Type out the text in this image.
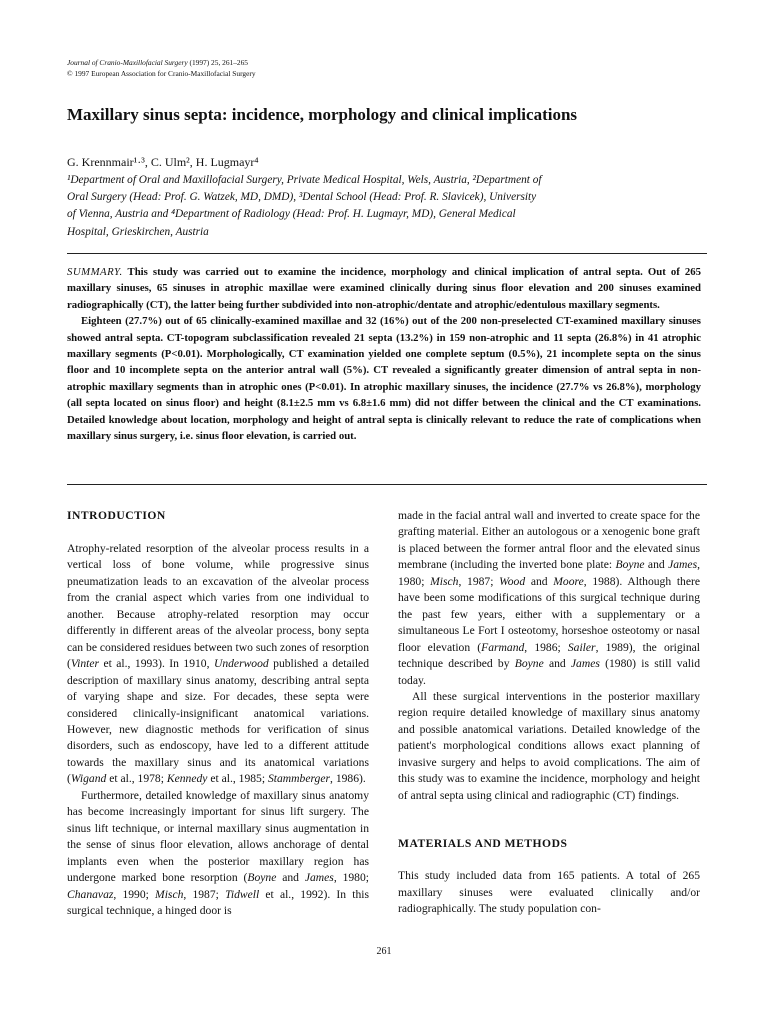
Journal of Cranio-Maxillofacial Surgery (1997) 25, 261–265
© 1997 European Association for Cranio-Maxillofacial Surgery
Maxillary sinus septa: incidence, morphology and clinical implications
G. Krennmair¹·³, C. Ulm², H. Lugmayr⁴
¹Department of Oral and Maxillofacial Surgery, Private Medical Hospital, Wels, Austria, ²Department of
Oral Surgery (Head: Prof. G. Watzek, MD, DMD), ³Dental School (Head: Prof. R. Slavicek), University
of Vienna, Austria and ⁴Department of Radiology (Head: Prof. H. Lugmayr, MD), General Medical
Hospital, Grieskirchen, Austria

SUMMARY. This study was carried out to examine the incidence, morphology and clinical implication of antral septa. Out of 265 maxillary sinuses, 65 sinuses in atrophic maxillae were examined clinically during sinus floor elevation and 200 sinuses examined radiographically (CT), the latter being further subdivided into non-atrophic/dentate and atrophic/edentulous maxillary segments.

Eighteen (27.7%) out of 65 clinically-examined maxillae and 32 (16%) out of the 200 non-preselected CT-examined maxillary sinuses showed antral septa. CT-topogram subclassification revealed 21 septa (13.2%) in 159 non-atrophic and 11 septa (26.8%) in 41 atrophic maxillary segments (P<0.01). Morphologically, CT examination yielded one complete septum (0.5%), 21 incomplete septa on the sinus floor and 10 incomplete septa on the anterior antral wall (5%). CT revealed a significantly greater dimension of antral septa in non-atrophic maxillary segments than in atrophic ones (P<0.01). In atrophic maxillary sinuses, the incidence (27.7% vs 26.8%), morphology (all septa located on sinus floor) and height (8.1±2.5 mm vs 6.8±1.6 mm) did not differ between the clinical and the CT examinations. Detailed knowledge about location, morphology and height of antral septa is clinically relevant to reduce the rate of complications when maxillary sinus surgery, i.e. sinus floor elevation, is carried out.

INTRODUCTION

Atrophy-related resorption of the alveolar process results in a vertical loss of bone volume, while progressive sinus pneumatization leads to an excavation of the alveolar process from the cranial aspect which varies from one individual to another. Because atrophy-related resorption may occur differently in different areas of the alveolar process, bony septa can be considered residues between two such zones of resorption (Vinter et al., 1993). In 1910, Underwood published a detailed description of maxillary sinus anatomy, describing antral septa of varying shape and size. For decades, these septa were considered clinically-insignificant anatomical variations. However, new diagnostic methods for verification of sinus disorders, such as endoscopy, have led to a different attitude towards the maxillary sinus and its anatomical variations (Wigand et al., 1978; Kennedy et al., 1985; Stammberger, 1986).

Furthermore, detailed knowledge of maxillary sinus anatomy has become increasingly important for sinus lift surgery. The sinus lift technique, or internal maxillary sinus augmentation in the sense of sinus floor elevation, allows anchorage of dental implants even when the posterior maxillary region has undergone marked bone resorption (Boyne and James, 1980; Chanavaz, 1990; Misch, 1987; Tidwell et al., 1992). In this surgical technique, a hinged door is

made in the facial antral wall and inverted to create space for the grafting material. Either an autologous or a xenogenic bone graft is placed between the former antral floor and the elevated sinus membrane (including the inverted bone plate: Boyne and James, 1980; Misch, 1987; Wood and Moore, 1988). Although there have been some modifications of this surgical technique during the past few years, either with a supplementary or a simultaneous Le Fort I osteotomy, horseshoe osteotomy or nasal floor elevation (Farmand, 1986; Sailer, 1989), the original technique described by Boyne and James (1980) is still valid today.

All these surgical interventions in the posterior maxillary region require detailed knowledge of maxillary sinus anatomy and possible anatomical variations. Detailed knowledge of the patient's morphological conditions allows exact planning of invasive surgery and helps to avoid complications. The aim of this study was to examine the incidence, morphology and height of antral septa using clinical and radiographic (CT) findings.

MATERIALS AND METHODS

This study included data from 165 patients. A total of 265 maxillary sinuses were evaluated clinically and/or radiographically. The study population con-

261
